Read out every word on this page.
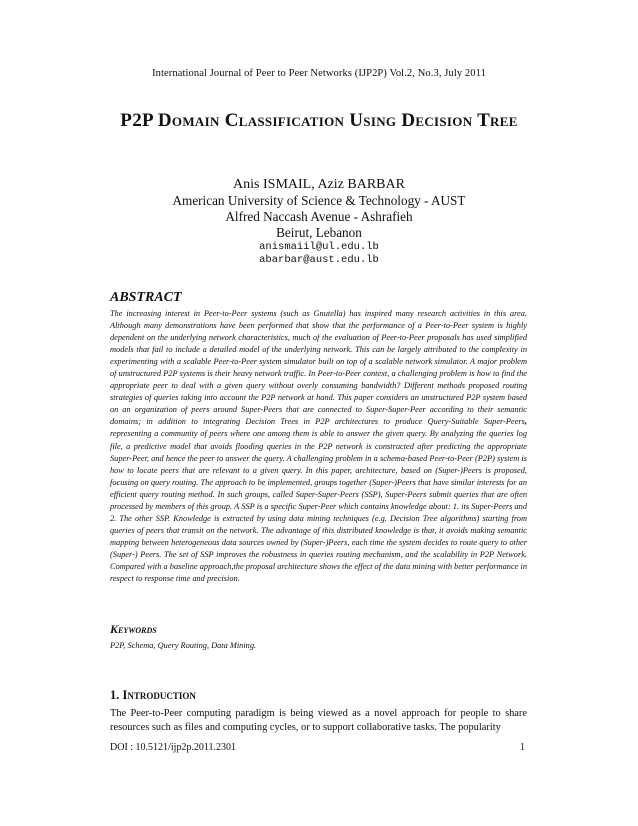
International Journal of Peer to Peer Networks (IJP2P) Vol.2, No.3, July 2011
P2P Domain Classification Using Decision Tree
Anis ISMAIL, Aziz BARBAR
American University of Science & Technology - AUST
Alfred Naccash Avenue - Ashrafieh
Beirut, Lebanon
anismaiil@ul.edu.lb
abarbar@aust.edu.lb
ABSTRACT
The increasing interest in Peer-to-Peer systems (such as Gnutella) has inspired many research activities in this area. Although many demonstrations have been performed that show that the performance of a Peer-to-Peer system is highly dependent on the underlying network characteristics, much of the evaluation of Peer-to-Peer proposals has used simplified models that fail to include a detailed model of the underlying network. This can be largely attributed to the complexity in experimenting with a scalable Peer-to-Peer system simulator built on top of a scalable network simulator. A major problem of unstructured P2P systems is their heavy network traffic. In Peer-to-Peer context, a challenging problem is how to find the appropriate peer to deal with a given query without overly consuming bandwidth? Different methods proposed routing strategies of queries taking into account the P2P network at hand. This paper considers an unstructured P2P system based on an organization of peers around Super-Peers that are connected to Super-Super-Peer according to their semantic domains; in addition to integrating Decision Trees in P2P architectures to produce Query-Suitable Super-Peers, representing a community of peers where one among them is able to answer the given query. By analyzing the queries log file, a predictive model that avoids flooding queries in the P2P network is constructed after predicting the appropriate Super-Peer, and hence the peer to answer the query. A challenging problem in a schema-based Peer-to-Peer (P2P) system is how to locate peers that are relevant to a given query. In this paper, architecture, based on (Super-)Peers is proposed, focusing on query routing. The approach to be implemented, groups together (Super-)Peers that have similar interests for an efficient query routing method. In such groups, called Super-Super-Peers (SSP), Super-Peers submit queries that are often processed by members of this group. A SSP is a specific Super-Peer which contains knowledge about: 1. its Super-Peers and 2. The other SSP. Knowledge is extracted by using data mining techniques (e.g. Decision Tree algorithms) starting from queries of peers that transit on the network. The advantage of this distributed knowledge is that, it avoids making semantic mapping between heterogeneous data sources owned by (Super-)Peers, each time the system decides to route query to other (Super-) Peers. The set of SSP improves the robustness in queries routing mechanism, and the scalability in P2P Network. Compared with a baseline approach,the proposal architecture shows the effect of the data mining with better performance in respect to response time and precision.
Keywords
P2P, Schema, Query Routing, Data Mining.
1. Introduction
The Peer-to-Peer computing paradigm is being viewed as a novel approach for people to share resources such as files and computing cycles, or to support collaborative tasks. The popularity
DOI : 10.5121/ijp2p.2011.2301	1
